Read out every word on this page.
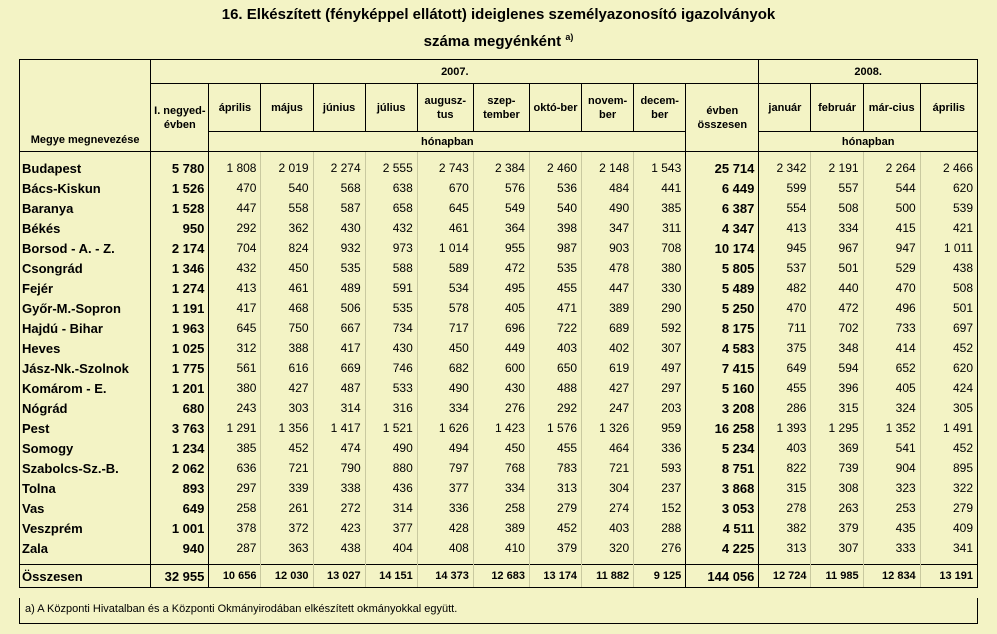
16. Elkészített (fényképpel ellátott) ideiglenes személyazonosító igazolványok
száma megyénként $^{a)}$
Megye megnevezése	2007.											2008.			
	I. negyed-évben	április	május	június	július	augusz-tus	szep-tember	októ-ber	novem-ber	decem-ber	évben összesen	január	február	már-cius	április
		hónapban										hónapban			

Budapest	5 780	1 808	2 019	2 274	2 555	2 743	2 384	2 460	2 148	1 543	25 714	2 342	2 191	2 264	2 466
Bács-Kiskun	1 526	470	540	568	638	670	576	536	484	441	6 449	599	557	544	620
Baranya	1 528	447	558	587	658	645	549	540	490	385	6 387	554	508	500	539
Békés	950	292	362	430	432	461	364	398	347	311	4 347	413	334	415	421
Borsod - A. - Z.	2 174	704	824	932	973	1 014	955	987	903	708	10 174	945	967	947	1 011
Csongrád	1 346	432	450	535	588	589	472	535	478	380	5 805	537	501	529	438
Fejér	1 274	413	461	489	591	534	495	455	447	330	5 489	482	440	470	508
Győr-M.-Sopron	1 191	417	468	506	535	578	405	471	389	290	5 250	470	472	496	501
Hajdú - Bihar	1 963	645	750	667	734	717	696	722	689	592	8 175	711	702	733	697
Heves	1 025	312	388	417	430	450	449	403	402	307	4 583	375	348	414	452
Jász-Nk.-Szolnok	1 775	561	616	669	746	682	600	650	619	497	7 415	649	594	652	620
Komárom - E.	1 201	380	427	487	533	490	430	488	427	297	5 160	455	396	405	424
Nógrád	680	243	303	314	316	334	276	292	247	203	3 208	286	315	324	305
Pest	3 763	1 291	1 356	1 417	1 521	1 626	1 423	1 576	1 326	959	16 258	1 393	1 295	1 352	1 491
Somogy	1 234	385	452	474	490	494	450	455	464	336	5 234	403	369	541	452
Szabolcs-Sz.-B.	2 062	636	721	790	880	797	768	783	721	593	8 751	822	739	904	895
Tolna	893	297	339	338	436	377	334	313	304	237	3 868	315	308	323	322
Vas	649	258	261	272	314	336	258	279	274	152	3 053	278	263	253	279
Veszprém	1 001	378	372	423	377	428	389	452	403	288	4 511	382	379	435	409
Zala	940	287	363	438	404	408	410	379	320	276	4 225	313	307	333	341

Összesen	32 955	10 656	12 030	13 027	14 151	14 373	12 683	13 174	11 882	9 125	144 056	12 724	11 985	12 834	13 191
a) A Központi Hivatalban és a Központi Okmányirodában elkészített okmányokkal együtt.
